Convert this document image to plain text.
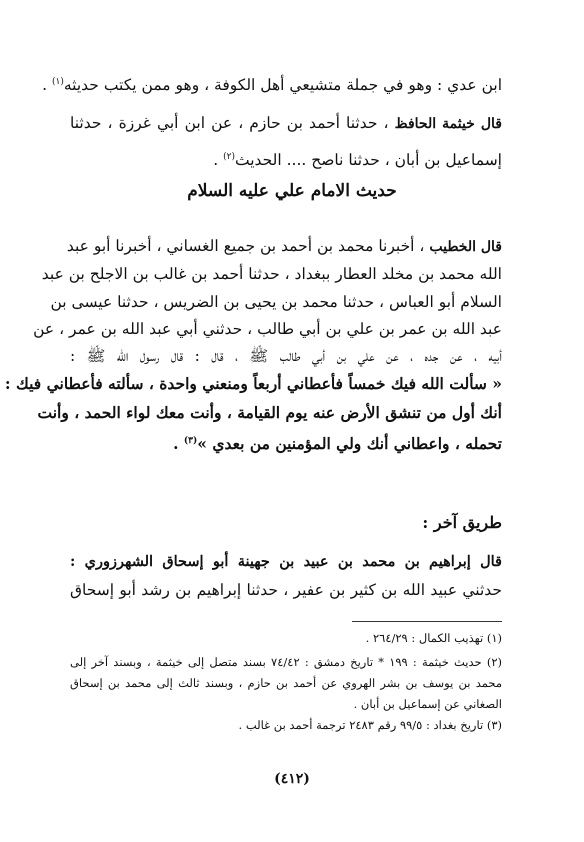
ابن عدي : وهو في جملة متشيعي أهل الكوفة ، وهو ممن يكتب حديثه$^{(١)}$ .
قال خيثمة الحافظ ، حدثنا أحمد بن حازم ، عن ابن أبي غرزة ، حدثنا
إسماعيل بن أبان ، حدثنا ناصح .... الحديث$^{(٢)}$ .
حديث الامام علي عليه السلام
قال الخطيب ، أخبرنا محمد بن أحمد بن جميع الغساني ، أخبرنا أبو عبد
الله محمد بن مخلد العطار ببغداد ، حدثنا أحمد بن غالب بن الاجلح بن عبد
السلام أبو العباس ، حدثنا محمد بن يحيى بن الضريس ، حدثنا عيسى بن
عبد الله بن عمر بن علي بن أبي طالب ، حدثني أبي عبد الله بن عمر ، عن
أبيه ، عن جده ، عن علي بن أبي طالب ﷺ ، قال : قال رسول الله ﷺ :
« سألت الله فيك خمساً فأعطاني أربعاً ومنعني واحدة ، سألته فأعطاني فيك :
أنك أول من تنشق الأرض عنه يوم القيامة ، وأنت معك لواء الحمد ، وأنت
تحمله ، واعطاني أنك ولي المؤمنين من بعدي »$^{(٣)}$ .
طريق آخر :
قال إبراهيم بن محمد بن عبيد بن جهينة أبو إسحاق الشهرزوري :
حدثني عبيد الله بن كثير بن عفير ، حدثنا إبراهيم بن رشد أبو إسحاق
(١) تهذيب الكمال : ٢٦٤/٢٩ .
(٢) حديث خيثمة : ١٩٩ * تاريخ دمشق : ٧٤/٤٢ بسند متصل إلى خيثمة ، وبسند آخر إلى
محمد بن يوسف بن بشر الهروي عن أحمد بن حازم ، وبسند ثالث إلى محمد بن إسحاق
الصغاني عن إسماعيل بن أبان .
(٣) تاريخ بغداد : ٩٩/٥ رقم ٢٤٨٣ ترجمة أحمد بن غالب .
(٤١٢)
